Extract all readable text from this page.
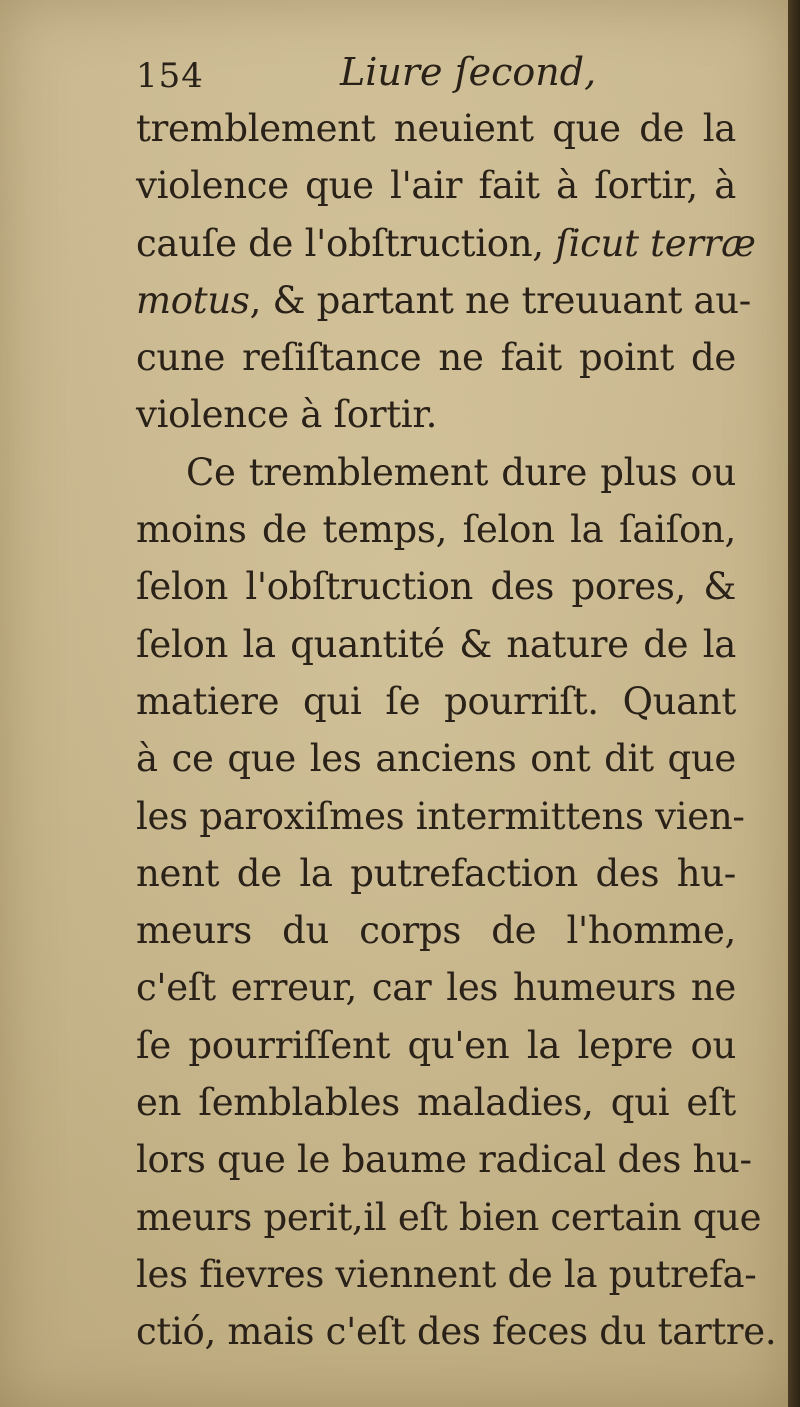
154	Liure ſecond,
tremblement neuient que de la
violence que l'air fait à ſortir, à
cauſe de l'obſtruction, ſicut terræ
motus, & partant ne treuuant au-
cune reſiſtance ne fait point de
violence à ſortir.
Ce tremblement dure plus ou
moins de temps, ſelon la ſaiſon,
ſelon l'obſtruction des pores, &
ſelon la quantité & nature de la
matiere qui ſe pourriſt. Quant
à ce que les anciens ont dit que
les paroxiſmes intermittens vien-
nent de la putrefaction des hu-
meurs du corps de l'homme,
c'eſt erreur, car les humeurs ne
ſe pourriſſent qu'en la lepre ou
en ſemblables maladies, qui eſt
lors que le baume radical des hu-
meurs perit,il eſt bien certain que
les fievres viennent de la putrefa-
ctió, mais c'eſt des feces du tartre.
